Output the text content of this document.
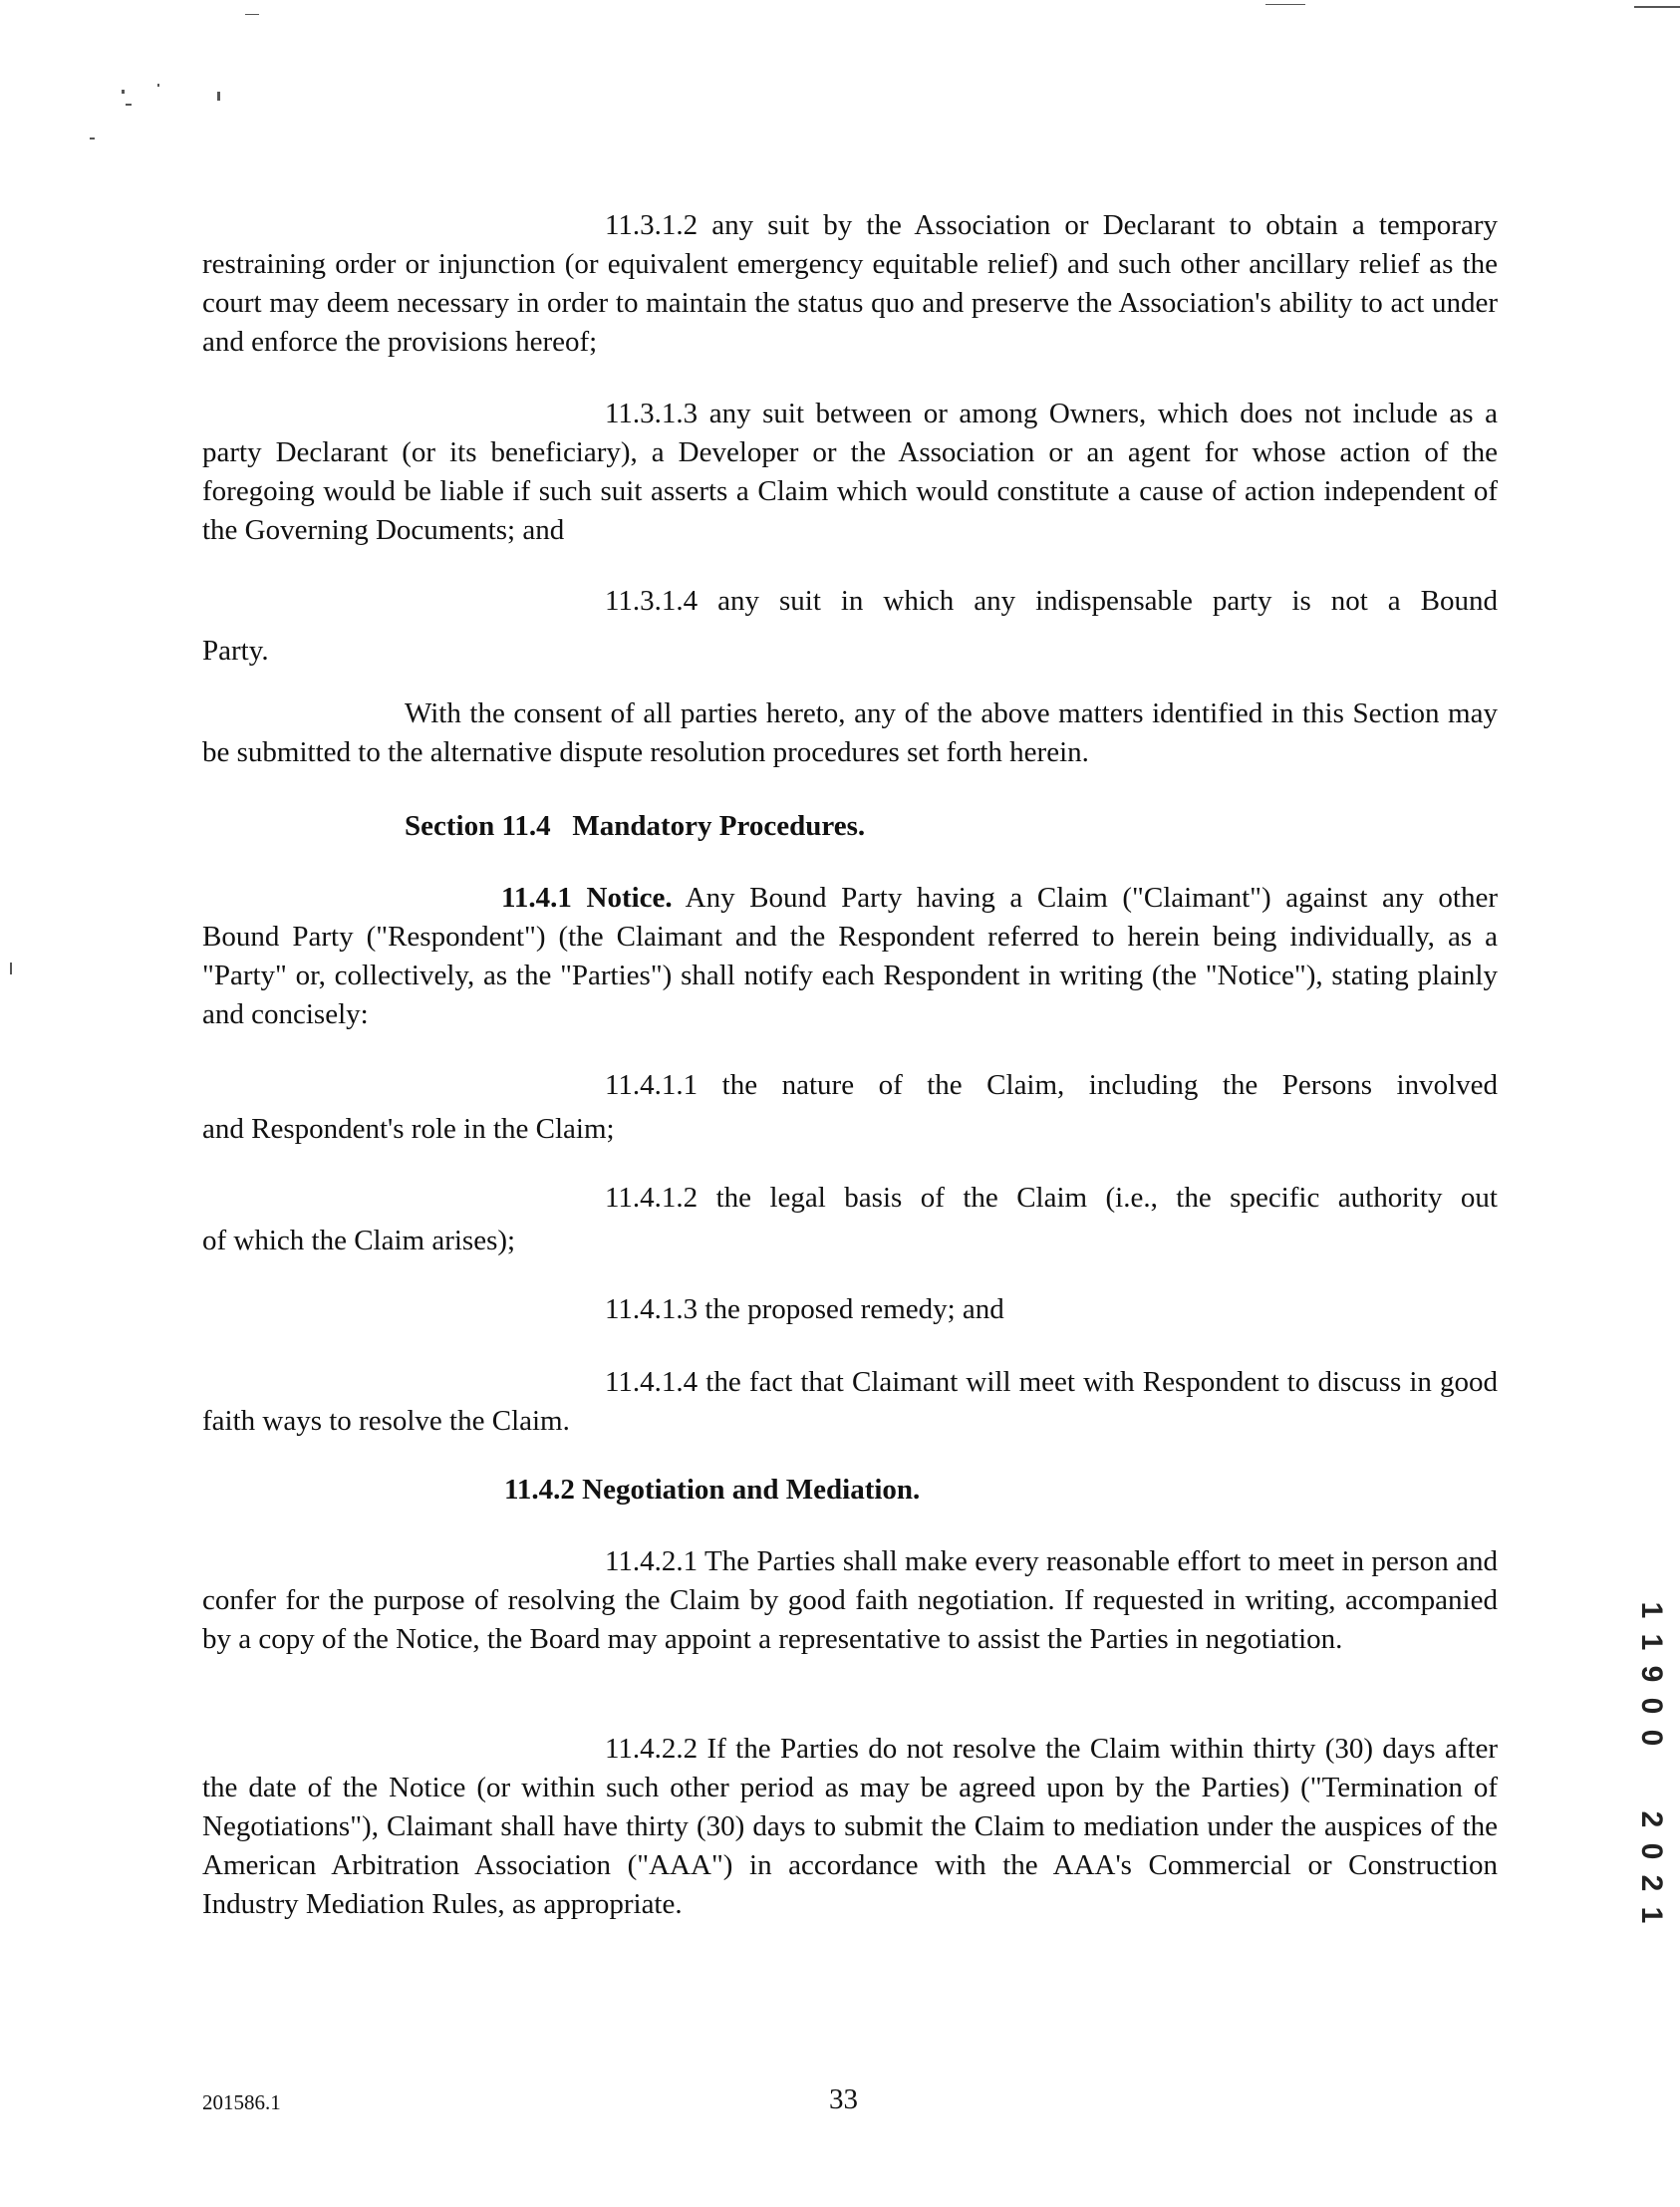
11.3.1.2 any suit by the Association or Declarant to obtain a temporary restraining order or injunction (or equivalent emergency equitable relief) and such other ancillary relief as the court may deem necessary in order to maintain the status quo and preserve the Association's ability to act under and enforce the provisions hereof;
11.3.1.3 any suit between or among Owners, which does not include as a party Declarant (or its beneficiary), a Developer or the Association or an agent for whose action of the foregoing would be liable if such suit asserts a Claim which would constitute a cause of action independent of the Governing Documents; and
11.3.1.4 any suit in which any indispensable party is not a Bound
Party.
With the consent of all parties hereto, any of the above matters identified in this Section may be submitted to the alternative dispute resolution procedures set forth herein.
Section 11.4 Mandatory Procedures.
11.4.1 Notice. Any Bound Party having a Claim ("Claimant") against any other Bound Party ("Respondent") (the Claimant and the Respondent referred to herein being individually, as a "Party" or, collectively, as the "Parties") shall notify each Respondent in writing (the "Notice"), stating plainly and concisely:
11.4.1.1 the nature of the Claim, including the Persons involved
and Respondent's role in the Claim;
11.4.1.2 the legal basis of the Claim (i.e., the specific authority out
of which the Claim arises);
11.4.1.3 the proposed remedy; and
11.4.1.4 the fact that Claimant will meet with Respondent to discuss in good faith ways to resolve the Claim.
11.4.2 Negotiation and Mediation.
11.4.2.1 The Parties shall make every reasonable effort to meet in person and confer for the purpose of resolving the Claim by good faith negotiation. If requested in writing, accompanied by a copy of the Notice, the Board may appoint a representative to assist the Parties in negotiation.
11.4.2.2 If the Parties do not resolve the Claim within thirty (30) days after the date of the Notice (or within such other period as may be agreed upon by the Parties) ("Termination of Negotiations"), Claimant shall have thirty (30) days to submit the Claim to mediation under the auspices of the American Arbitration Association ("AAA") in accordance with the AAA's Commercial or Construction Industry Mediation Rules, as appropriate.
1
1
9
0
0
2
0
2
1
201586.1	33
